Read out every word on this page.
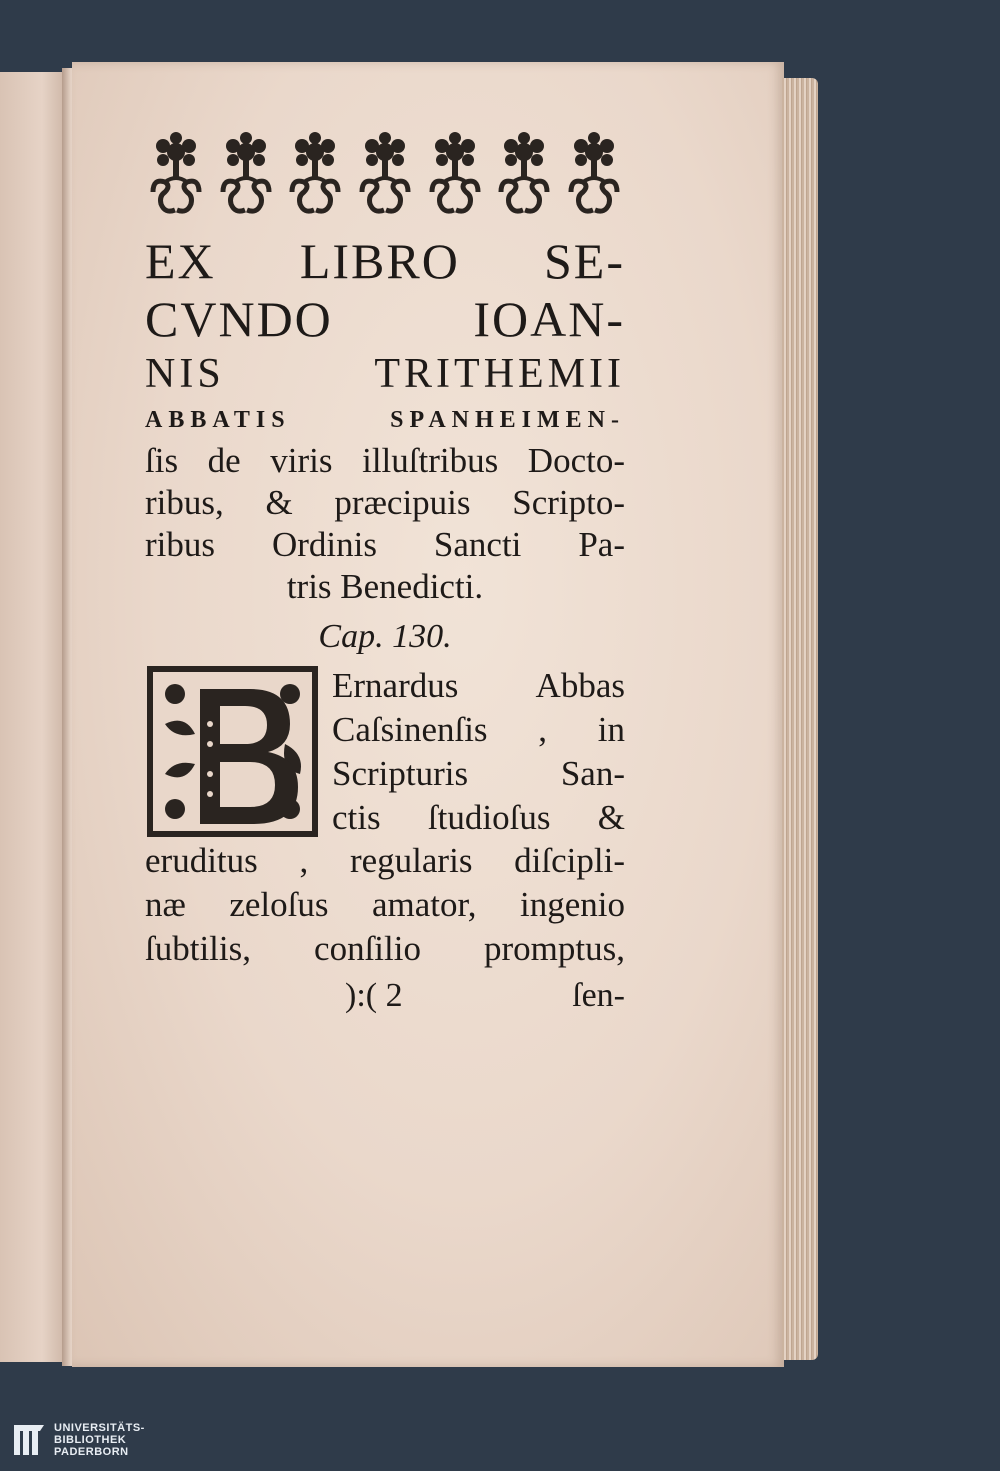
EX LIBRO SE-

CVNDO IOAN-

NIS TRITHEMII

ABBATIS SPANHEIMEN-
ſis de viris illuſtribus Doctо-
ribus, & præcipuis Scripto-
ribus Ordinis Sancti Pa-
tris Benedicti.
Cap. 130.
Ernardus Abbas
Caſsinenſis , in
Scripturis San-
ctis ſtudioſus &
eruditus , regularis diſcipli-
næ zeloſus amator, ingenio
ſubtilis, conſilio promptus,
):( 2	ſen-
UNIVERSITÄTS-
BIBLIOTHEK
PADERBORN
